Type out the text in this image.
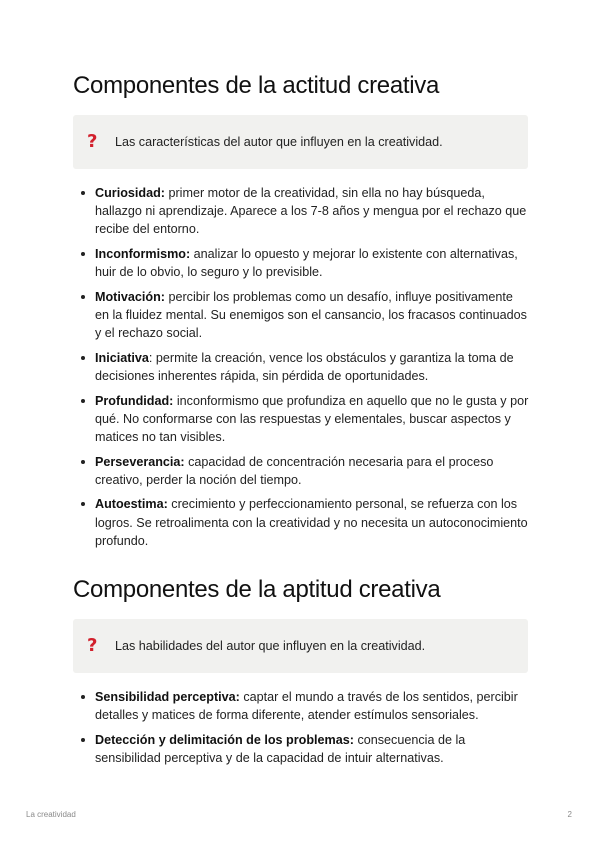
Componentes de la actitud creativa
?	Las características del autor que influyen en la creatividad.
Curiosidad: primer motor de la creatividad, sin ella no hay búsqueda, hallazgo ni aprendizaje. Aparece a los 7-8 años y mengua por el rechazo que recibe del entorno.
Inconformismo: analizar lo opuesto y mejorar lo existente con alternativas, huir de lo obvio, lo seguro y lo previsible.
Motivación: percibir los problemas como un desafío, influye positivamente en la fluidez mental. Su enemigos son el cansancio, los fracasos continuados y el rechazo social.
Iniciativa: permite la creación, vence los obstáculos y garantiza la toma de decisiones inherentes rápida, sin pérdida de oportunidades.
Profundidad: inconformismo que profundiza en aquello que no le gusta y por qué. No conformarse con las respuestas y elementales, buscar aspectos y matices no tan visibles.
Perseverancia: capacidad de concentración necesaria para el proceso creativo, perder la noción del tiempo.
Autoestima: crecimiento y perfeccionamiento personal, se refuerza con los logros. Se retroalimenta con la creatividad y no necesita un autoconocimiento profundo.
Componentes de la aptitud creativa
?	Las habilidades del autor que influyen en la creatividad.
Sensibilidad perceptiva: captar el mundo a través de los sentidos, percibir detalles y matices de forma diferente, atender estímulos sensoriales.
Detección y delimitación de los problemas: consecuencia de la sensibilidad perceptiva y de la capacidad de intuir alternativas.
La creatividad	2
